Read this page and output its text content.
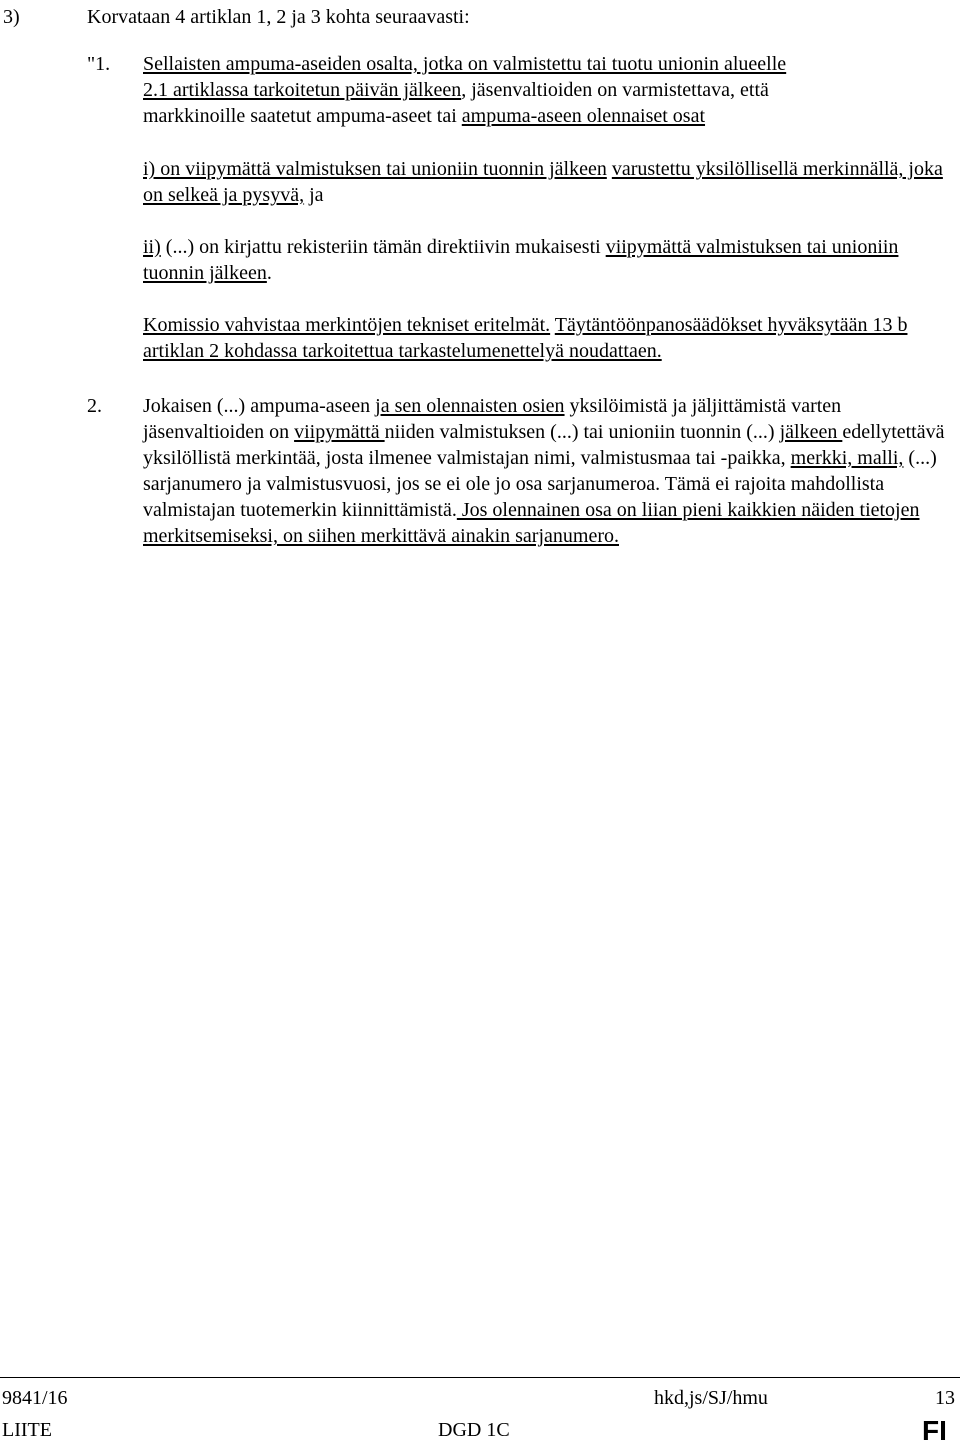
3)	Korvataan 4 artiklan 1, 2 ja 3 kohta seuraavasti:

"1. Sellaisten ampuma-aseiden osalta, jotka on valmistettu tai tuotu unionin alueelle
2.1 artiklassa tarkoitetun päivän jälkeen, jäsenvaltioiden on varmistettava, että
markkinoille saatetut ampuma-aseet tai ampuma-aseen olennaiset osat

i) on viipymättä valmistuksen tai unioniin tuonnin jälkeen varustettu yksilöllisellä merkinnällä, joka on selkeä ja pysyvä, ja

ii) (...) on kirjattu rekisteriin tämän direktiivin mukaisesti viipymättä valmistuksen tai unioniin tuonnin jälkeen.

Komissio vahvistaa merkintöjen tekniset eritelmät. Täytäntöönpanosäädökset hyväksytään 13 b artiklan 2 kohdassa tarkoitettua tarkastelumenettelyä noudattaen.

2. Jokaisen (...) ampuma-aseen ja sen olennaisten osien yksilöimistä ja jäljittämistä varten jäsenvaltioiden on viipymättä niiden valmistuksen (...) tai unioniin tuonnin (...) jälkeen edellytettävä yksilöllistä merkintää, josta ilmenee valmistajan nimi, valmistusmaa tai -paikka, merkki, malli, (...) sarjanumero ja valmistusvuosi, jos se ei ole jo osa sarjanumeroa. Tämä ei rajoita mahdollista valmistajan tuotemerkin kiinnittämistä. Jos olennainen osa on liian pieni kaikkien näiden tietojen merkitsemiseksi, on siihen merkittävä ainakin sarjanumero.

9841/16	hkd,js/SJ/hmu	13

LIITE	DGD 1C	FI
